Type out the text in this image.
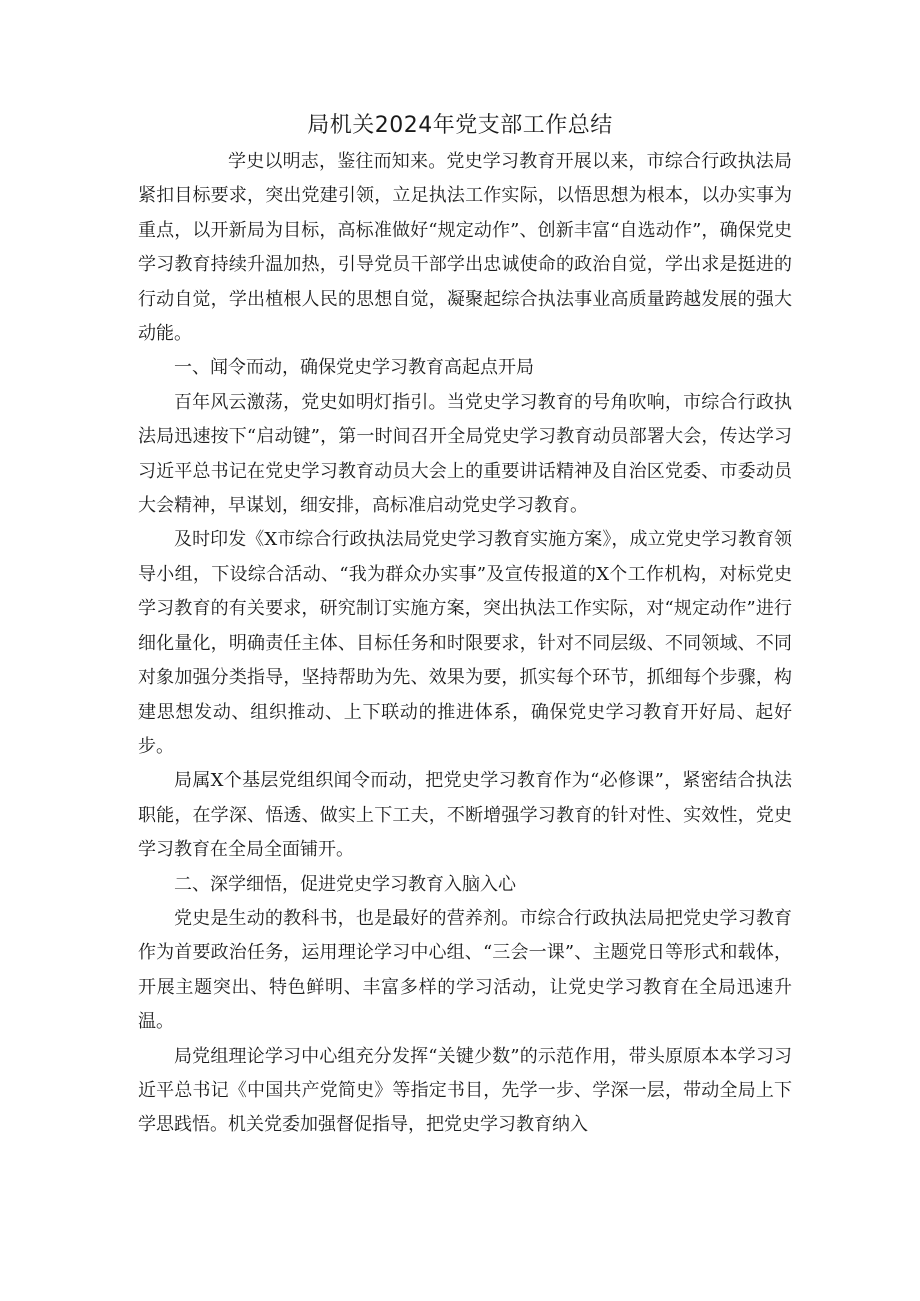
局机关2024年党支部工作总结

学史以明志，鉴往而知来。党史学习教育开展以来，市综合行政执法局紧扣目标要求，突出党建引领，立足执法工作实际，以悟思想为根本，以办实事为重点，以开新局为目标，高标准做好“规定动作”、创新丰富“自选动作”，确保党史学习教育持续升温加热，引导党员干部学出忠诚使命的政治自觉，学出求是挺进的行动自觉，学出植根人民的思想自觉，凝聚起综合执法事业高质量跨越发展的强大动能。

一、闻令而动，确保党史学习教育高起点开局

百年风云激荡，党史如明灯指引。当党史学习教育的号角吹响，市综合行政执法局迅速按下“启动键”，第一时间召开全局党史学习教育动员部署大会，传达学习习近平总书记在党史学习教育动员大会上的重要讲话精神及自治区党委、市委动员大会精神，早谋划，细安排，高标准启动党史学习教育。

及时印发《X市综合行政执法局党史学习教育实施方案》，成立党史学习教育领导小组，下设综合活动、“我为群众办实事”及宣传报道的X个工作机构，对标党史学习教育的有关要求，研究制订实施方案，突出执法工作实际，对“规定动作”进行细化量化，明确责任主体、目标任务和时限要求，针对不同层级、不同领域、不同对象加强分类指导，坚持帮助为先、效果为要，抓实每个环节，抓细每个步骤，构建思想发动、组织推动、上下联动的推进体系，确保党史学习教育开好局、起好步。

局属X个基层党组织闻令而动，把党史学习教育作为“必修课”，紧密结合执法职能，在学深、悟透、做实上下工夫，不断增强学习教育的针对性、实效性，党史学习教育在全局全面铺开。

二、深学细悟，促进党史学习教育入脑入心

党史是生动的教科书，也是最好的营养剂。市综合行政执法局把党史学习教育作为首要政治任务，运用理论学习中心组、“三会一课”、主题党日等形式和载体，开展主题突出、特色鲜明、丰富多样的学习活动，让党史学习教育在全局迅速升温。

局党组理论学习中心组充分发挥“关键少数”的示范作用，带头原原本本学习习近平总书记《中国共产党简史》等指定书目，先学一步、学深一层，带动全局上下学思践悟。机关党委加强督促指导，把党史学习教育纳入
